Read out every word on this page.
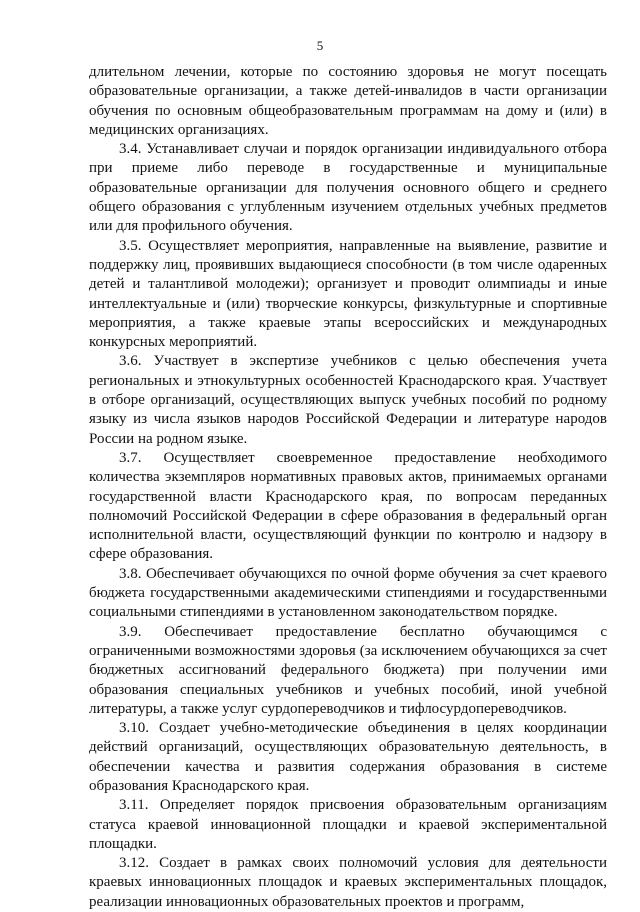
5

длительном лечении, которые по состоянию здоровья не могут посещать образовательные организации, а также детей-инвалидов в части организации обучения по основным общеобразовательным программам на дому и (или) в медицинских организациях.

3.4. Устанавливает случаи и порядок организации индивидуального отбора при приеме либо переводе в государственные и муниципальные образовательные организации для получения основного общего и среднего общего образования с углубленным изучением отдельных учебных предметов или для профильного обучения.

3.5. Осуществляет мероприятия, направленные на выявление, развитие и поддержку лиц, проявивших выдающиеся способности (в том числе одаренных детей и талантливой молодежи); организует и проводит олимпиады и иные интеллектуальные и (или) творческие конкурсы, физкультурные и спортивные мероприятия, а также краевые этапы всероссийских и международных конкурсных мероприятий.

3.6. Участвует в экспертизе учебников с целью обеспечения учета региональных и этнокультурных особенностей Краснодарского края. Участвует в отборе организаций, осуществляющих выпуск учебных пособий по родному языку из числа языков народов Российской Федерации и литературе народов России на родном языке.

3.7. Осуществляет своевременное предоставление необходимого количества экземпляров нормативных правовых актов, принимаемых органами государственной власти Краснодарского края, по вопросам переданных полномочий Российской Федерации в сфере образования в федеральный орган исполнительной власти, осуществляющий функции по контролю и надзору в сфере образования.

3.8. Обеспечивает обучающихся по очной форме обучения за счет краевого бюджета государственными академическими стипендиями и государственными социальными стипендиями в установленном законодательством порядке.

3.9. Обеспечивает предоставление бесплатно обучающимся с ограниченными возможностями здоровья (за исключением обучающихся за счет бюджетных ассигнований федерального бюджета) при получении ими образования специальных учебников и учебных пособий, иной учебной литературы, а также услуг сурдопереводчиков и тифлосурдопереводчиков.

3.10. Создает учебно-методические объединения в целях координации действий организаций, осуществляющих образовательную деятельность, в обеспечении качества и развития содержания образования в системе образования Краснодарского края.

3.11. Определяет порядок присвоения образовательным организациям статуса краевой инновационной площадки и краевой экспериментальной площадки.

3.12. Создает в рамках своих полномочий условия для деятельности краевых инновационных площадок и краевых экспериментальных площадок, реализации инновационных образовательных проектов и программ,
